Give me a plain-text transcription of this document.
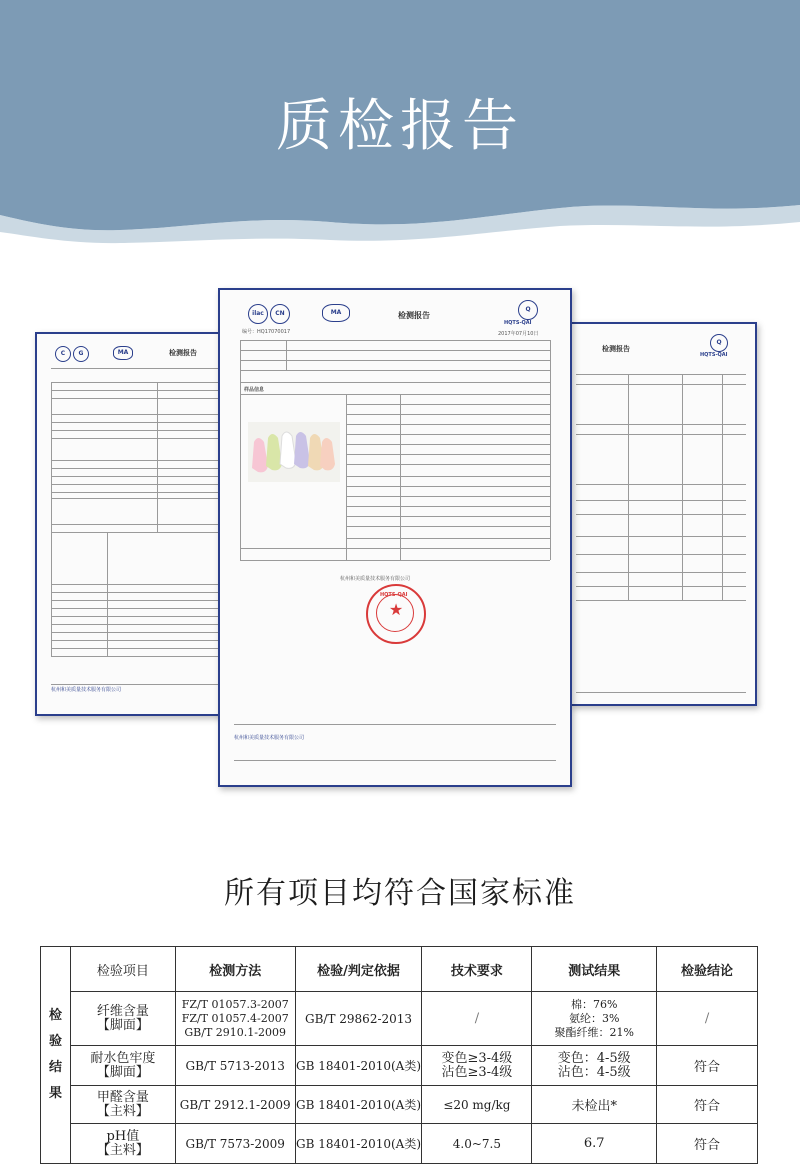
质检报告
C	G	MA	检测报告
杭州和美质量技术服务有限公司
检测报告
Q
HQTS-QAI
ilac	CN	MA	检测报告
Q
HQTS-QAI
编号：HQ17070017	2017年07月10日
样品信息
杭州和美质量技术服务有限公司
★
HQTS-QAI
杭州和美质量技术服务有限公司
所有项目均符合国家标准
检
验
结
果	检验项目	检测方法	检验/判定依据	技术要求	测试结果	检验结论
	纤维含量
【脚面】	FZ/T 01057.3-2007
FZ/T 01057.4-2007
GB/T 2910.1-2009	GB/T 29862-2013	/	棉：76%
氨纶：3%
聚酯纤维：21%	/
	耐水色牢度
【脚面】	GB/T 5713-2013	GB 18401-2010(A类)	变色≥3-4级
沾色≥3-4级	变色：4-5级
沾色：4-5级	符合
	甲醛含量
【主料】	GB/T 2912.1-2009	GB 18401-2010(A类)	≤20 mg/kg	未检出*	符合
	pH值
【主料】	GB/T 7573-2009	GB 18401-2010(A类)	4.0~7.5	6.7	符合
